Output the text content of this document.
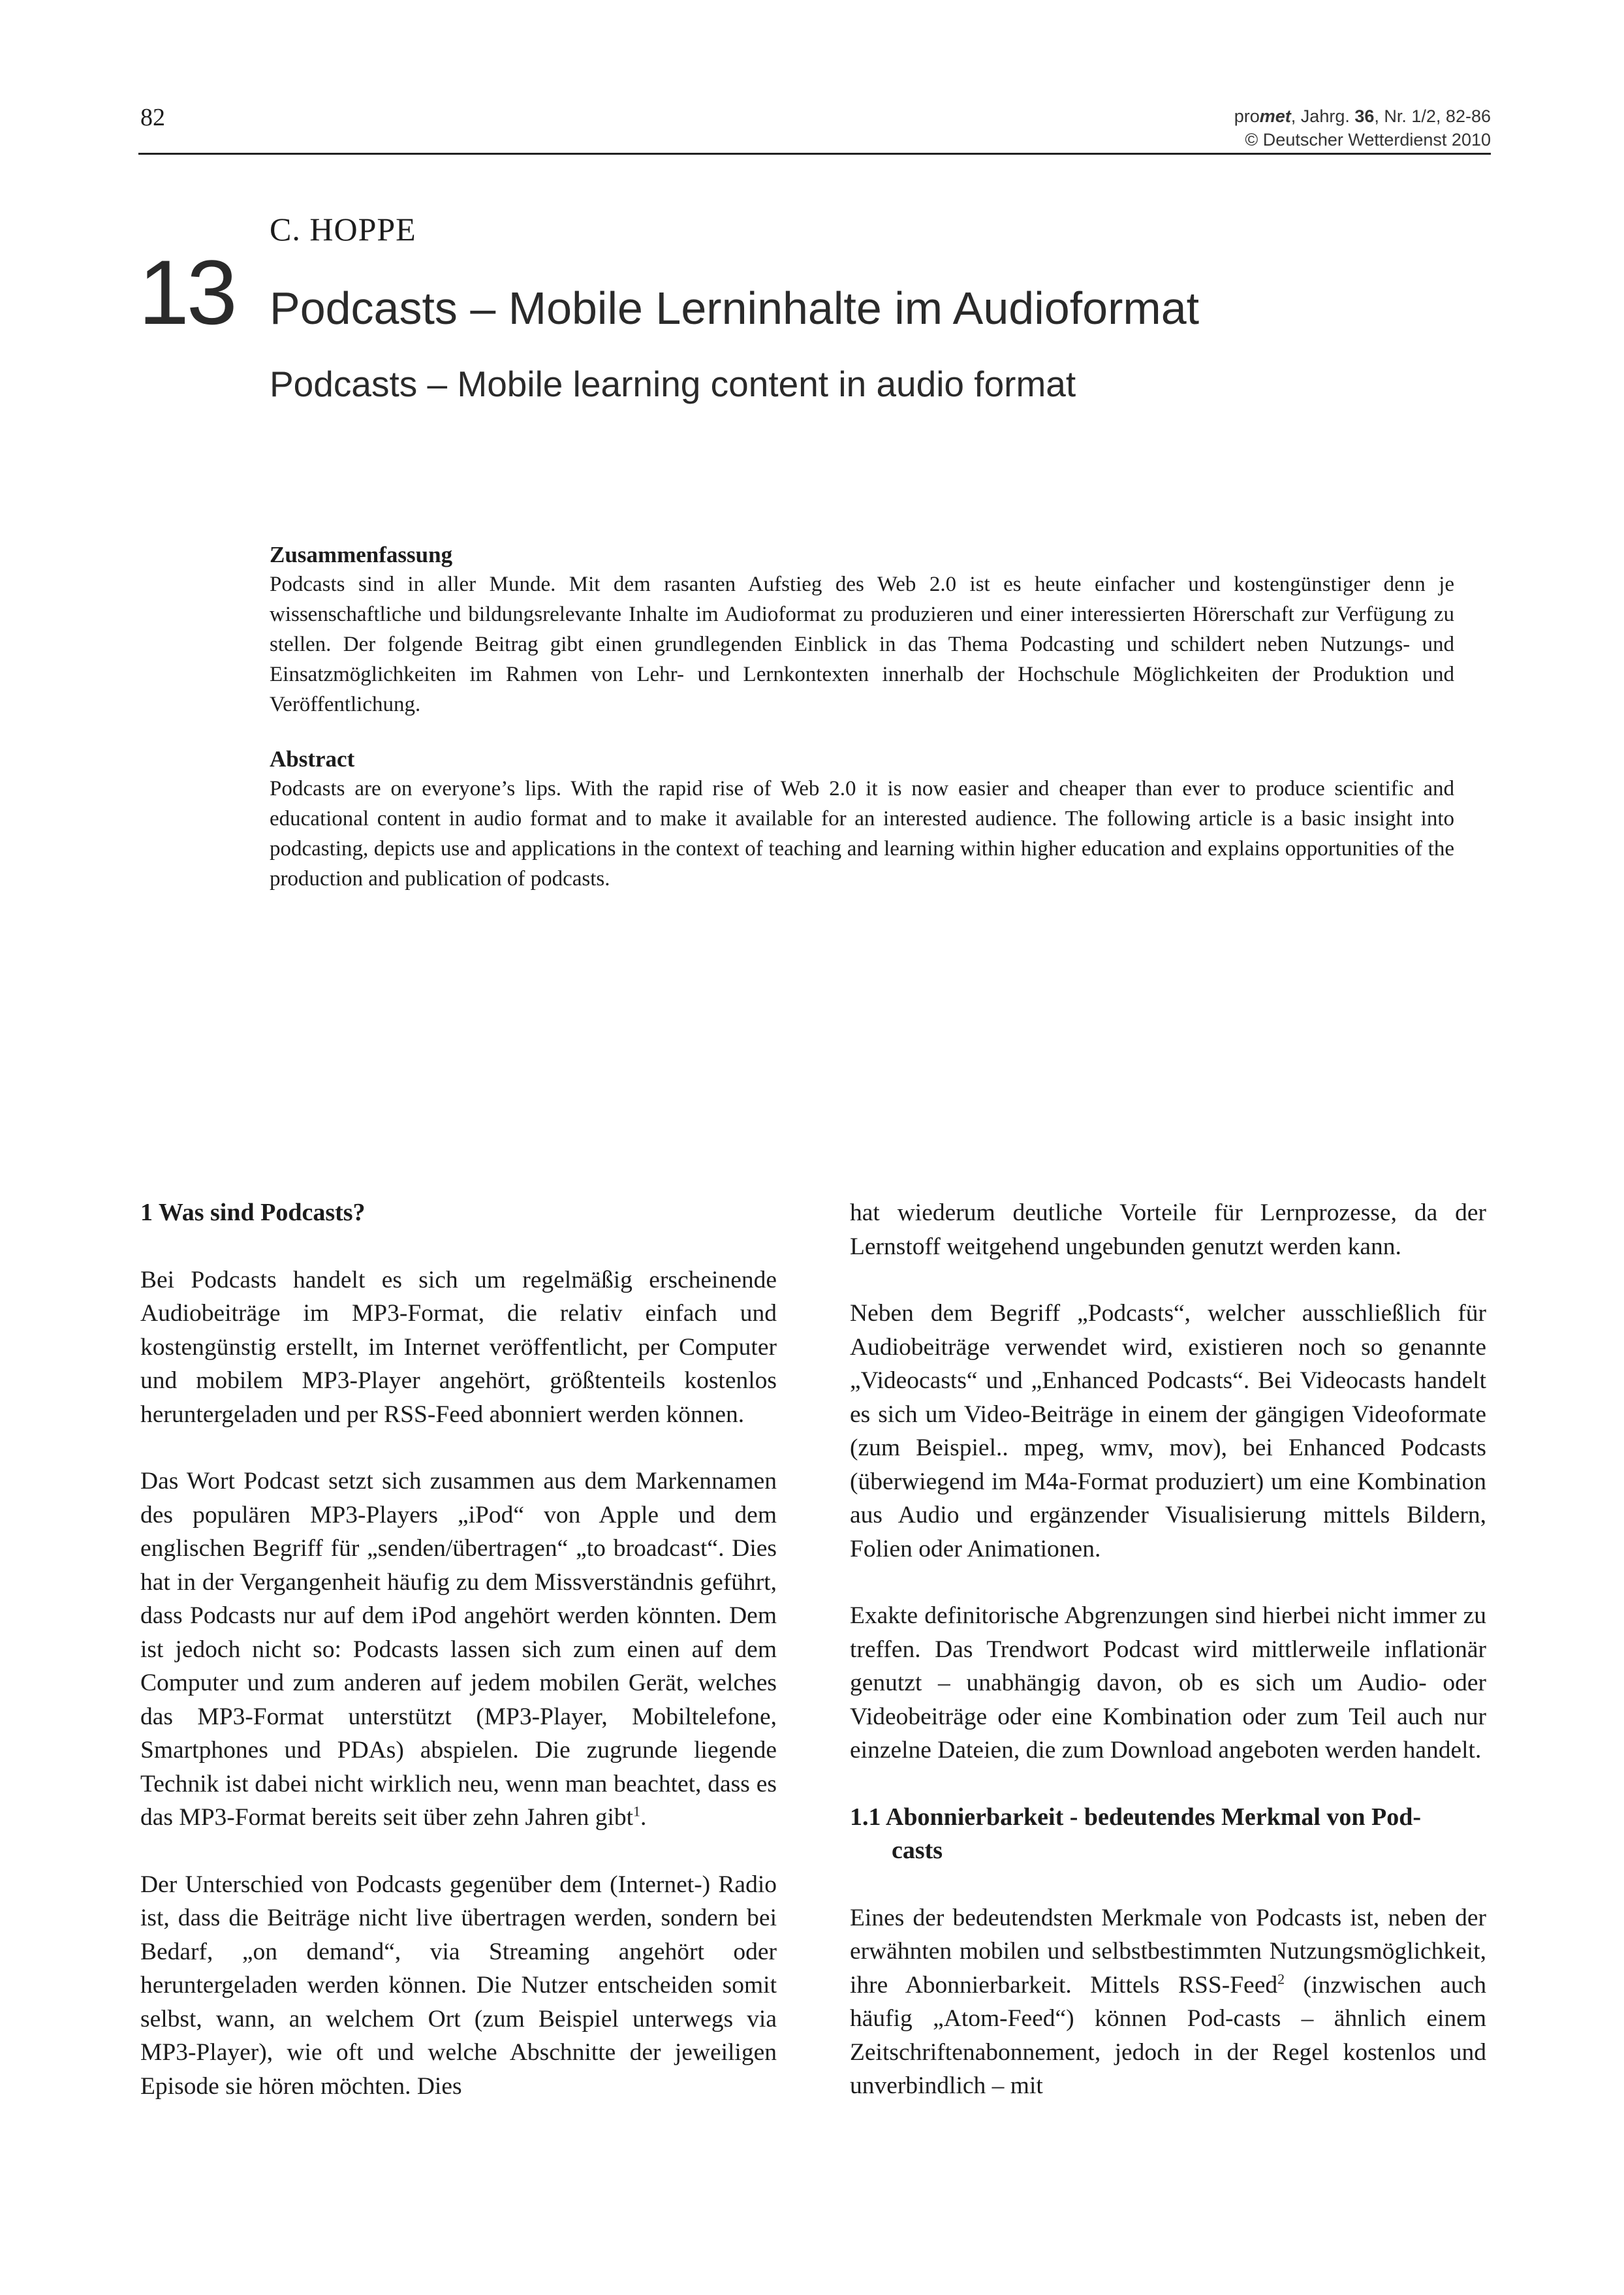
82	promet, Jahrg. 36, Nr. 1/2, 82-86
© Deutscher Wetterdienst 2010
C. HOPPE
13 Podcasts – Mobile Lerninhalte im Audioformat
Podcasts – Mobile learning content in audio format
Zusammenfassung

Podcasts sind in aller Munde. Mit dem rasanten Aufstieg des Web 2.0 ist es heute einfacher und kostengünstiger denn je wissenschaftliche und bildungsrelevante Inhalte im Audioformat zu produzieren und einer interessierten Hörerschaft zur Verfügung zu stellen. Der folgende Beitrag gibt einen grundlegenden Einblick in das Thema Podcasting und schildert neben Nutzungs- und Einsatzmöglichkeiten im Rahmen von Lehr- und Lernkontexten innerhalb der Hochschule Möglichkeiten der Produktion und Veröffentlichung.

Abstract

Podcasts are on everyone’s lips. With the rapid rise of Web 2.0 it is now easier and cheaper than ever to produce scientific and educational content in audio format and to make it available for an interested audience. The following article is a basic insight into podcasting, depicts use and applications in the context of teaching and learning within higher education and explains opportunities of the production and publication of podcasts.

1 Was sind Podcasts?

Bei Podcasts handelt es sich um regelmäßig erscheinende Audiobeiträge im MP3-Format, die relativ einfach und kostengünstig erstellt, im Internet veröffentlicht, per Computer und mobilem MP3-Player angehört, größtenteils kostenlos heruntergeladen und per RSS-Feed abonniert werden können.

Das Wort Podcast setzt sich zusammen aus dem Markennamen des populären MP3-Players „iPod“ von Apple und dem englischen Begriff für „senden/übertragen“ „to broadcast“. Dies hat in der Vergangenheit häufig zu dem Missverständnis geführt, dass Podcasts nur auf dem iPod angehört werden könnten. Dem ist jedoch nicht so: Podcasts lassen sich zum einen auf dem Computer und zum anderen auf jedem mobilen Gerät, welches das MP3-Format unterstützt (MP3-Player, Mobiltelefone, Smartphones und PDAs) abspielen. Die zugrunde liegende Technik ist dabei nicht wirklich neu, wenn man beachtet, dass es das MP3-Format bereits seit über zehn Jahren gibt$^1$.

Der Unterschied von Podcasts gegenüber dem (Internet-) Radio ist, dass die Beiträge nicht live übertragen werden, sondern bei Bedarf, „on demand“, via Streaming angehört oder heruntergeladen werden können. Die Nutzer entscheiden somit selbst, wann, an welchem Ort (zum Beispiel unterwegs via MP3-Player), wie oft und welche Abschnitte der jeweiligen Episode sie hören möchten. Dies

hat wiederum deutliche Vorteile für Lernprozesse, da der Lernstoff weitgehend ungebunden genutzt werden kann.

Neben dem Begriff „Podcasts“, welcher ausschließlich für Audiobeiträge verwendet wird, existieren noch so genannte „Videocasts“ und „Enhanced Podcasts“. Bei Videocasts handelt es sich um Video-Beiträge in einem der gängigen Videoformate (zum Beispiel.. mpeg, wmv, mov), bei Enhanced Podcasts (überwiegend im M4a-Format produziert) um eine Kombination aus Audio und ergänzender Visualisierung mittels Bildern, Folien oder Animationen.

Exakte definitorische Abgrenzungen sind hierbei nicht immer zu treffen. Das Trendwort Podcast wird mittlerweile inflationär genutzt – unabhängig davon, ob es sich um Audio- oder Videobeiträge oder eine Kombination oder zum Teil auch nur einzelne Dateien, die zum Download angeboten werden handelt.

1.1 Abonnierbarkeit - bedeutendes Merkmal von Pod-
casts

Eines der bedeutendsten Merkmale von Podcasts ist, neben der erwähnten mobilen und selbstbestimmten Nutzungsmöglichkeit, ihre Abonnierbarkeit. Mittels RSS-Feed$^2$ (inzwischen auch häufig „Atom-Feed“) können Pod-casts – ähnlich einem Zeitschriftenabonnement, jedoch in der Regel kostenlos und unverbindlich – mit
